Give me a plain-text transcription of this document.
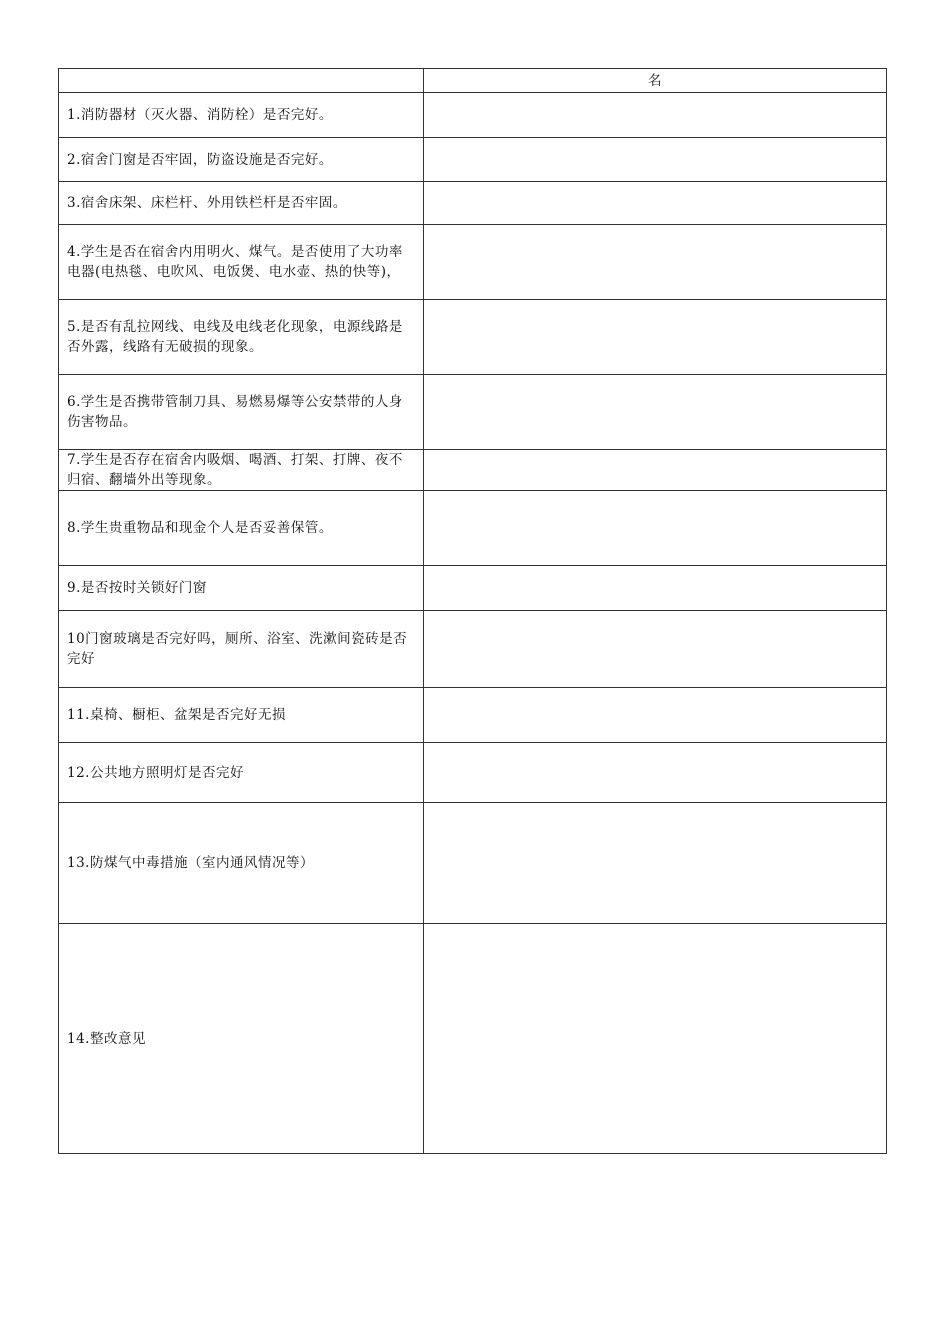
	名
1.消防器材（灭火器、消防栓）是否完好。	
2.宿舍门窗是否牢固，防盗设施是否完好。	
3.宿舍床架、床栏杆、外用铁栏杆是否牢固。	
4.学生是否在宿舍内用明火、煤气。是否使用了大功率电器(电热毯、电吹风、电饭煲、电水壶、热的快等)，	
5.是否有乱拉网线、电线及电线老化现象，电源线路是否外露，线路有无破损的现象。	
6.学生是否携带管制刀具、易燃易爆等公安禁带的人身伤害物品。	
7.学生是否存在宿舍内吸烟、喝酒、打架、打牌、夜不归宿、翻墙外出等现象。	
8.学生贵重物品和现金个人是否妥善保管。	
9.是否按时关锁好门窗	
10门窗玻璃是否完好吗，厕所、浴室、洗漱间瓷砖是否完好	
11.桌椅、橱柜、盆架是否完好无损	
12.公共地方照明灯是否完好	
13.防煤气中毒措施（室内通风情况等）	
14.整改意见	
